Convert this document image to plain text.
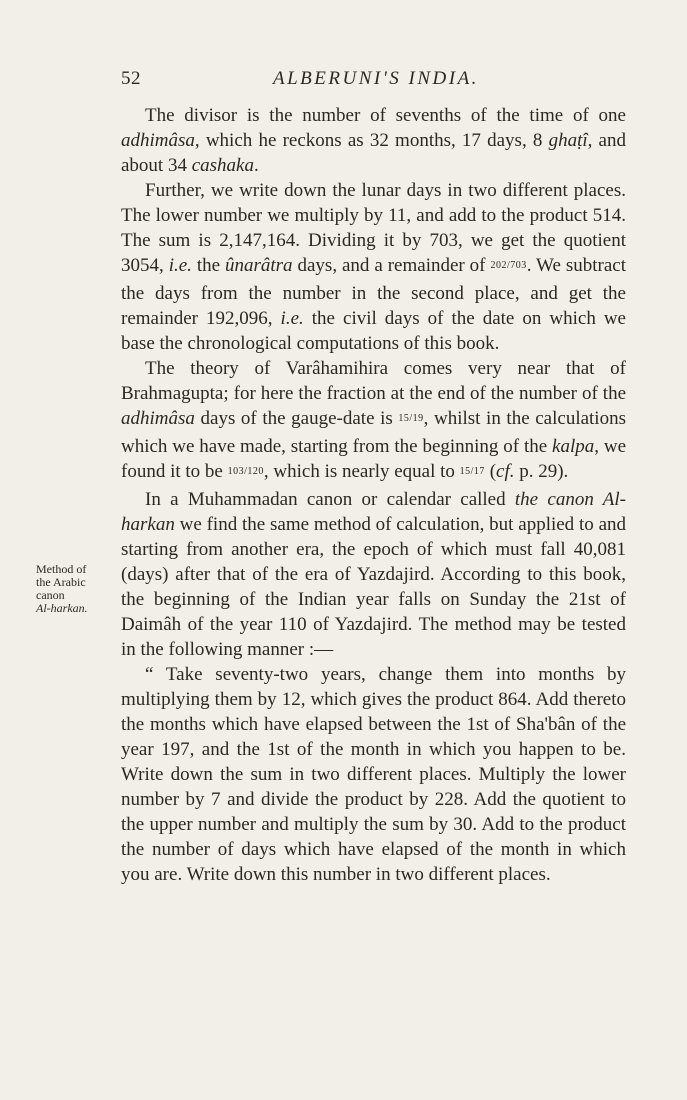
52	ALBERUNI'S INDIA.
Method of
the Arabic
canon
Al-harkan.

The divisor is the number of sevenths of the time of one adhimâsa, which he reckons as 32 months, 17 days, 8 ghaṭî, and about 34 cashaka.

Further, we write down the lunar days in two different places. The lower number we multiply by 11, and add to the product 514. The sum is 2,147,164. Dividing it by 703, we get the quotient 3054, i.e. the ûnarâtra days, and a remainder of 202/703. We subtract the days from the number in the second place, and get the remainder 192,096, i.e. the civil days of the date on which we base the chronological computations of this book.

The theory of Varâhamihira comes very near that of Brahmagupta; for here the fraction at the end of the number of the adhimâsa days of the gauge-date is 15/19, whilst in the calculations which we have made, starting from the beginning of the kalpa, we found it to be 103/120, which is nearly equal to 15/17 (cf. p. 29).

In a Muhammadan canon or calendar called the canon Al-harkan we find the same method of calculation, but applied to and starting from another era, the epoch of which must fall 40,081 (days) after that of the era of Yazdajird. According to this book, the beginning of the Indian year falls on Sunday the 21st of Daimâh of the year 110 of Yazdajird. The method may be tested in the following manner :—

“ Take seventy-two years, change them into months by multiplying them by 12, which gives the product 864. Add thereto the months which have elapsed between the 1st of Sha'bân of the year 197, and the 1st of the month in which you happen to be. Write down the sum in two different places. Multiply the lower number by 7 and divide the product by 228. Add the quotient to the upper number and multiply the sum by 30. Add to the product the number of days which have elapsed of the month in which you are. Write down this number in two different places.
